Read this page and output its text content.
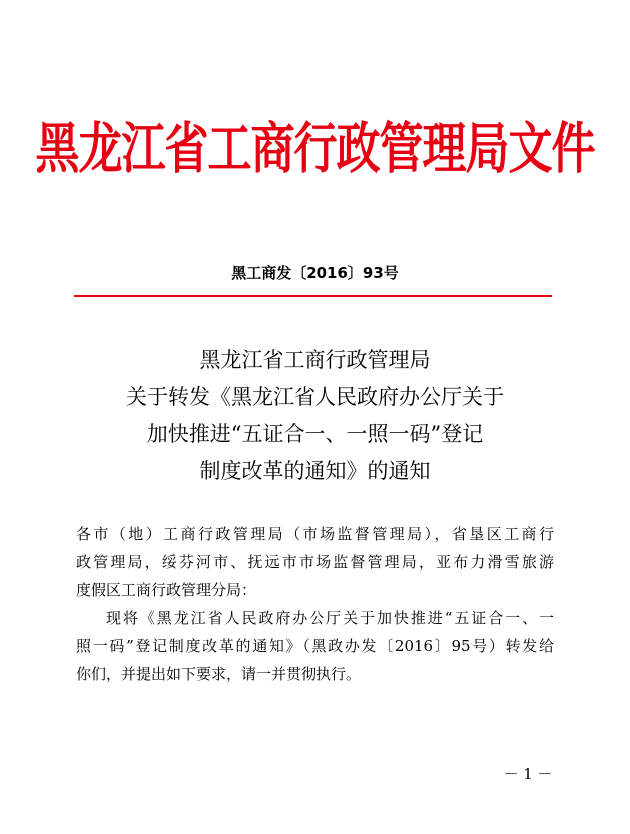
黑龙江省工商行政管理局文件
黑工商发〔2016〕93号
黑龙江省工商行政管理局
关于转发《黑龙江省人民政府办公厅关于
加快推进“五证合一、一照一码”登记
制度改革的通知》的通知
各市（地）工商行政管理局（市场监督管理局），省垦区工商行
政管理局，绥芬河市、抚远市市场监督管理局，亚布力滑雪旅游
度假区工商行政管理分局：
现将《黑龙江省人民政府办公厅关于加快推进“五证合一、一
照一码”登记制度改革的通知》（黑政办发〔2016〕95号）转发给
你们，并提出如下要求，请一并贯彻执行。
－ 1 －
